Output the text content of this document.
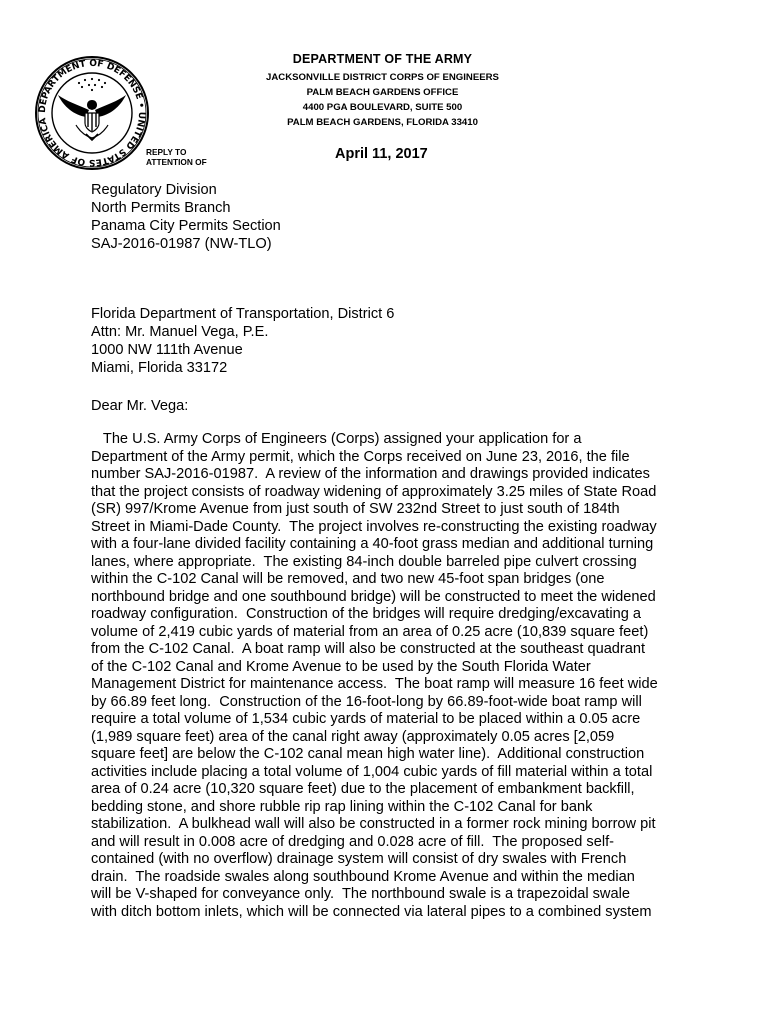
DEPARTMENT OF DEFENSE • UNITED STATES OF AMERICA
DEPARTMENT OF THE ARMY
JACKSONVILLE DISTRICT CORPS OF ENGINEERS
PALM BEACH GARDENS OFFICE
4400 PGA BOULEVARD, SUITE 500
PALM BEACH GARDENS, FLORIDA 33410
REPLY TO
ATTENTION OF	April 11, 2017
Regulatory Division
North Permits Branch
Panama City Permits Section
SAJ-2016-01987 (NW-TLO)
Florida Department of Transportation, District 6
Attn: Mr. Manuel Vega, P.E.
1000 NW 111th Avenue
Miami, Florida 33172
Dear Mr. Vega:
The U.S. Army Corps of Engineers (Corps) assigned your application for a
Department of the Army permit, which the Corps received on June 23, 2016, the file
number SAJ-2016-01987.  A review of the information and drawings provided indicates
that the project consists of roadway widening of approximately 3.25 miles of State Road
(SR) 997/Krome Avenue from just south of SW 232nd Street to just south of 184th
Street in Miami-Dade County.  The project involves re-constructing the existing roadway
with a four-lane divided facility containing a 40-foot grass median and additional turning
lanes, where appropriate.  The existing 84-inch double barreled pipe culvert crossing
within the C-102 Canal will be removed, and two new 45-foot span bridges (one
northbound bridge and one southbound bridge) will be constructed to meet the widened
roadway configuration.  Construction of the bridges will require dredging/excavating a
volume of 2,419 cubic yards of material from an area of 0.25 acre (10,839 square feet)
from the C-102 Canal.  A boat ramp will also be constructed at the southeast quadrant
of the C-102 Canal and Krome Avenue to be used by the South Florida Water
Management District for maintenance access.  The boat ramp will measure 16 feet wide
by 66.89 feet long.  Construction of the 16-foot-long by 66.89-foot-wide boat ramp will
require a total volume of 1,534 cubic yards of material to be placed within a 0.05 acre
(1,989 square feet) area of the canal right away (approximately 0.05 acres [2,059
square feet] are below the C-102 canal mean high water line).  Additional construction
activities include placing a total volume of 1,004 cubic yards of fill material within a total
area of 0.24 acre (10,320 square feet) due to the placement of embankment backfill,
bedding stone, and shore rubble rip rap lining within the C-102 Canal for bank
stabilization.  A bulkhead wall will also be constructed in a former rock mining borrow pit
and will result in 0.008 acre of dredging and 0.028 acre of fill.  The proposed self-
contained (with no overflow) drainage system will consist of dry swales with French
drain.  The roadside swales along southbound Krome Avenue and within the median
will be V-shaped for conveyance only.  The northbound swale is a trapezoidal swale
with ditch bottom inlets, which will be connected via lateral pipes to a combined system
